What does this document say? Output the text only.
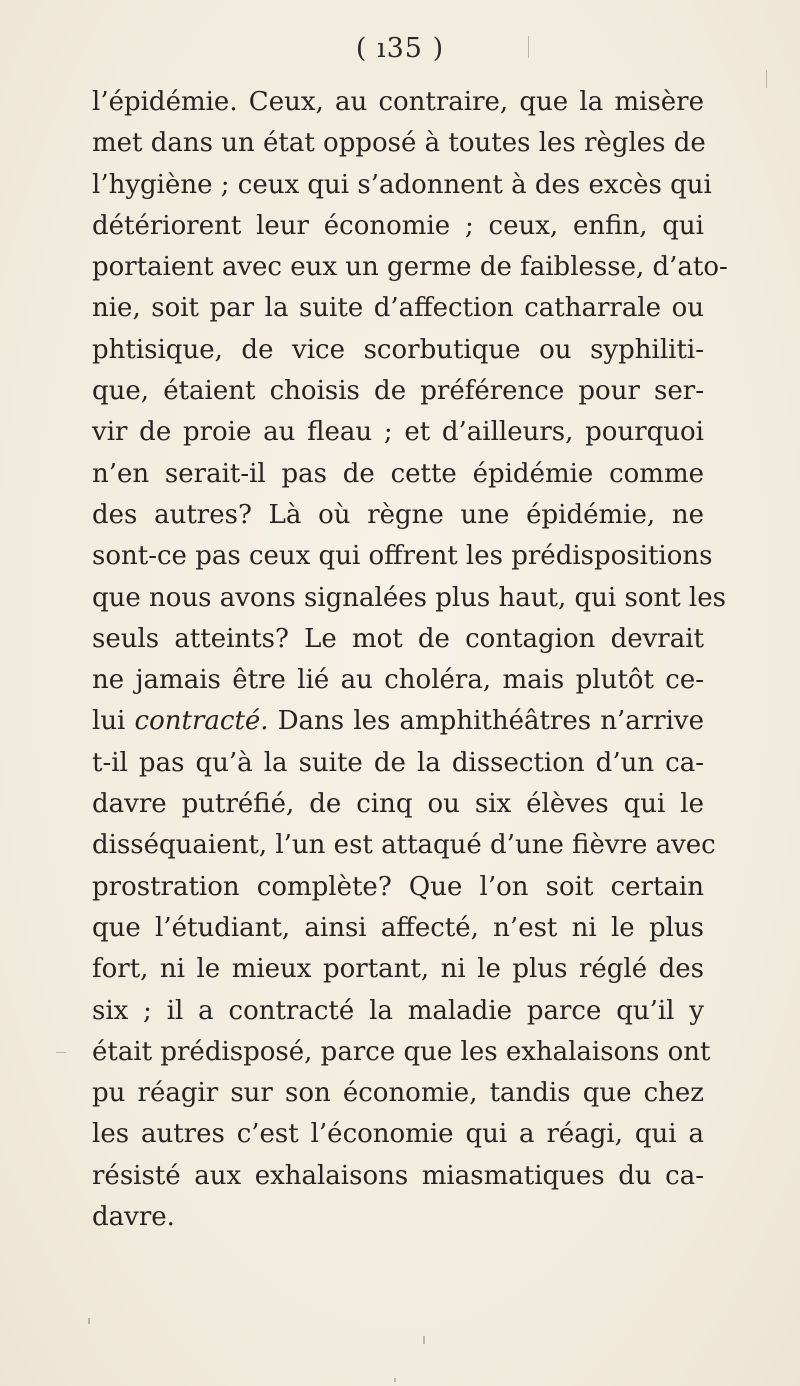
( ı35 )
l’épidémie. Ceux, au contraire, que la misère
met dans un état opposé à toutes les règles de
l’hygiène ; ceux qui s’adonnent à des excès qui
détériorent leur économie ; ceux, enfin, qui
portaient avec eux un germe de faiblesse, d’ato-
nie, soit par la suite d’affection catharrale ou
phtisique, de vice scorbutique ou syphiliti-
que, étaient choisis de préférence pour ser-
vir de proie au fleau ; et d’ailleurs, pourquoi
n’en serait-il pas de cette épidémie comme
des autres? Là où règne une épidémie, ne
sont-ce pas ceux qui offrent les prédispositions
que nous avons signalées plus haut, qui sont les
seuls atteints? Le mot de contagion devrait
ne jamais être lié au choléra, mais plutôt ce-
lui contracté. Dans les amphithéâtres n’arrive
t-il pas qu’à la suite de la dissection d’un ca-
davre putréfié, de cinq ou six élèves qui le
disséquaient, l’un est attaqué d’une fièvre avec
prostration complète? Que l’on soit certain
que l’étudiant, ainsi affecté, n’est ni le plus
fort, ni le mieux portant, ni le plus réglé des
six ; il a contracté la maladie parce qu’il y
était prédisposé, parce que les exhalaisons ont
pu réagir sur son économie, tandis que chez
les autres c’est l’économie qui a réagi, qui a
résisté aux exhalaisons miasmatiques du ca-
davre.
